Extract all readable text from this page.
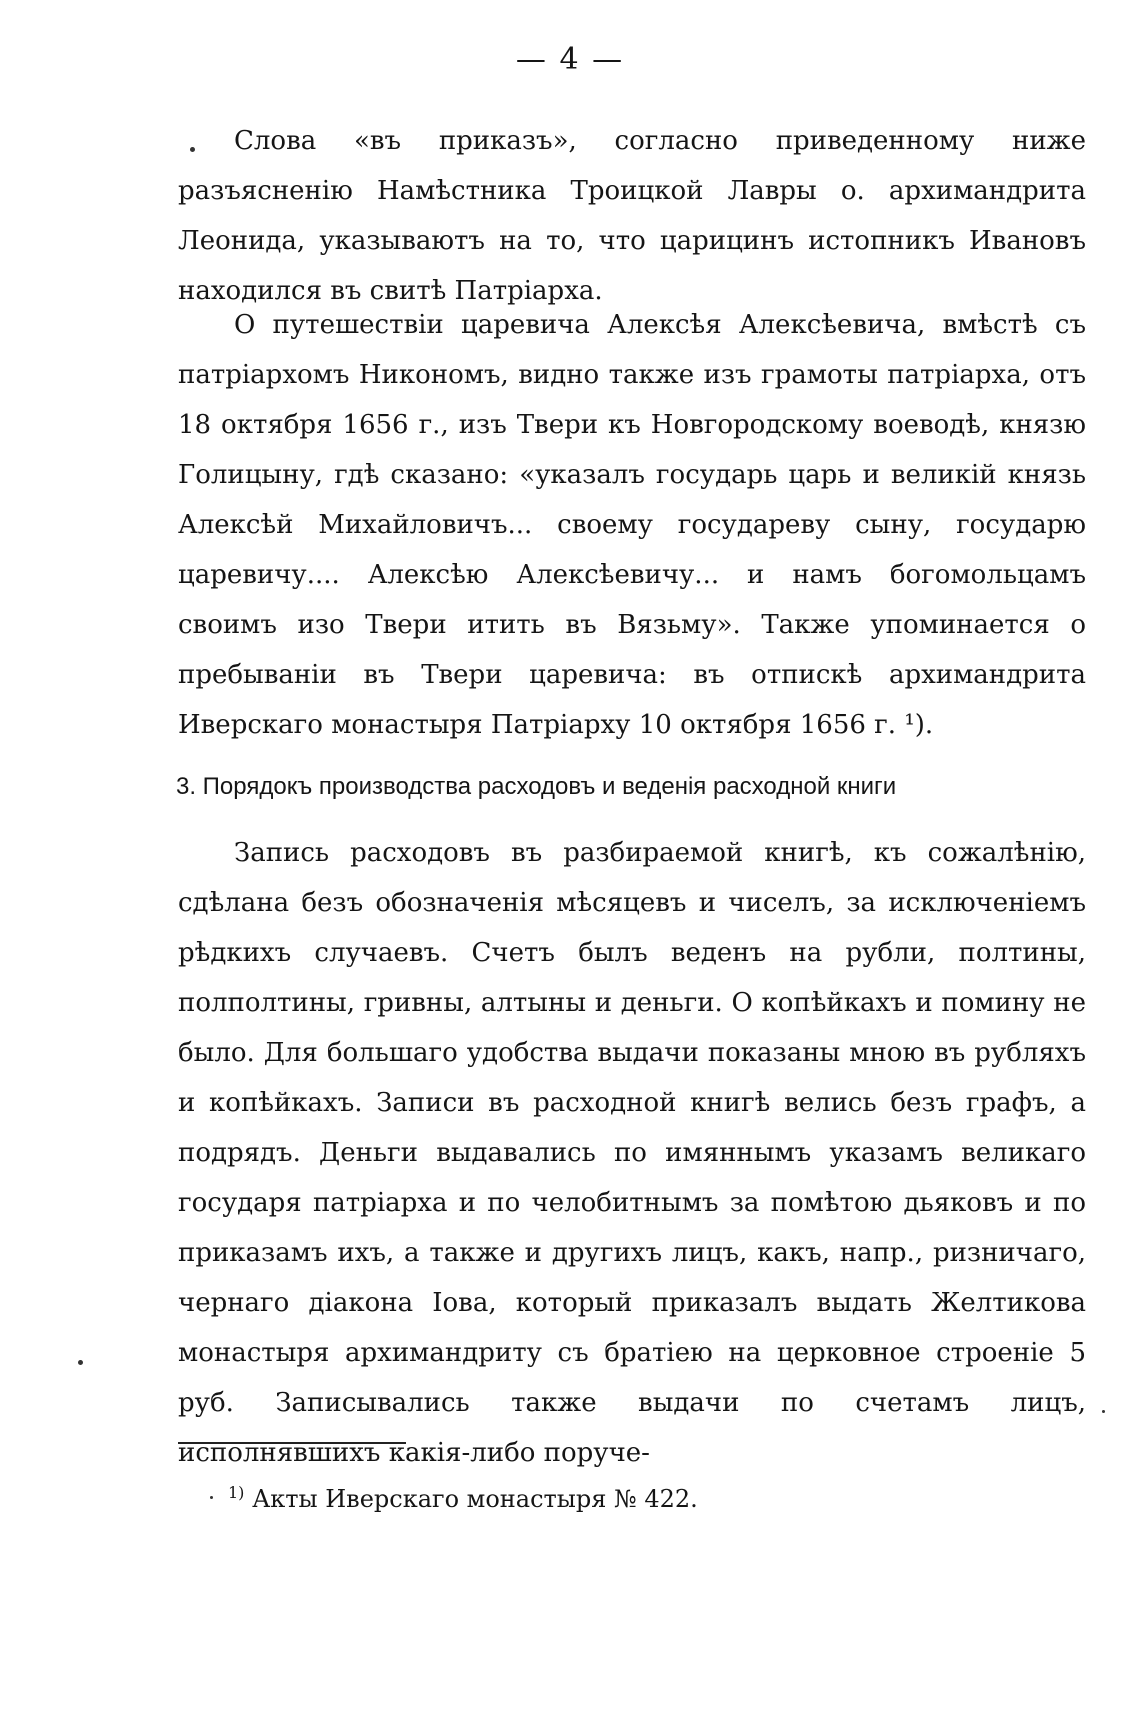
— 4 —

Слова «въ приказъ», согласно приведенному ниже разъясненію Намѣстника Троицкой Лавры о. архимандрита Леонида, указываютъ на то, что царицинъ истопникъ Ивановъ находился въ свитѣ Патріарха.

О путешествіи царевича Алексѣя Алексѣевича, вмѣстѣ съ патріархомъ Никономъ, видно также изъ грамоты патріарха, отъ 18 октября 1656 г., изъ Твери къ Новгородскому воеводѣ, князю Голицыну, гдѣ сказано: «указалъ государь царь и великій князь Алексѣй Михайловичъ... своему государеву сыну, государю царевичу.... Алексѣю Алексѣевичу... и намъ богомольцамъ своимъ изо Твери итить въ Вязьму». Также упоминается о пребываніи въ Твери царевича: въ отпискѣ архимандрита Иверскаго монастыря Патріарху 10 октября 1656 г. ¹).

3. Порядокъ производства расходовъ и веденія расходной книги

Запись расходовъ въ разбираемой книгѣ, къ сожалѣнію, сдѣлана безъ обозначенія мѣсяцевъ и чиселъ, за исключеніемъ рѣдкихъ случаевъ. Счетъ былъ веденъ на рубли, полтины, полполтины, гривны, алтыны и деньги. О копѣйкахъ и помину не было. Для большаго удобства выдачи показаны мною въ рубляхъ и копѣйкахъ. Записи въ расходной книгѣ велись безъ графъ, а подрядъ. Деньги выдавались по имяннымъ указамъ великаго государя патріарха и по челобитнымъ за помѣтою дьяковъ и по приказамъ ихъ, а также и другихъ лицъ, какъ, напр., ризничаго, чернаго діакона Іова, который приказалъ выдать Желтикова монастыря архимандриту съ братіею на церковное строеніе 5 руб. Записывались также выдачи по счетамъ лицъ, исполнявшихъ какія-либо поруче-

$^{1)}$ Акты Иверскаго монастыря № 422.
